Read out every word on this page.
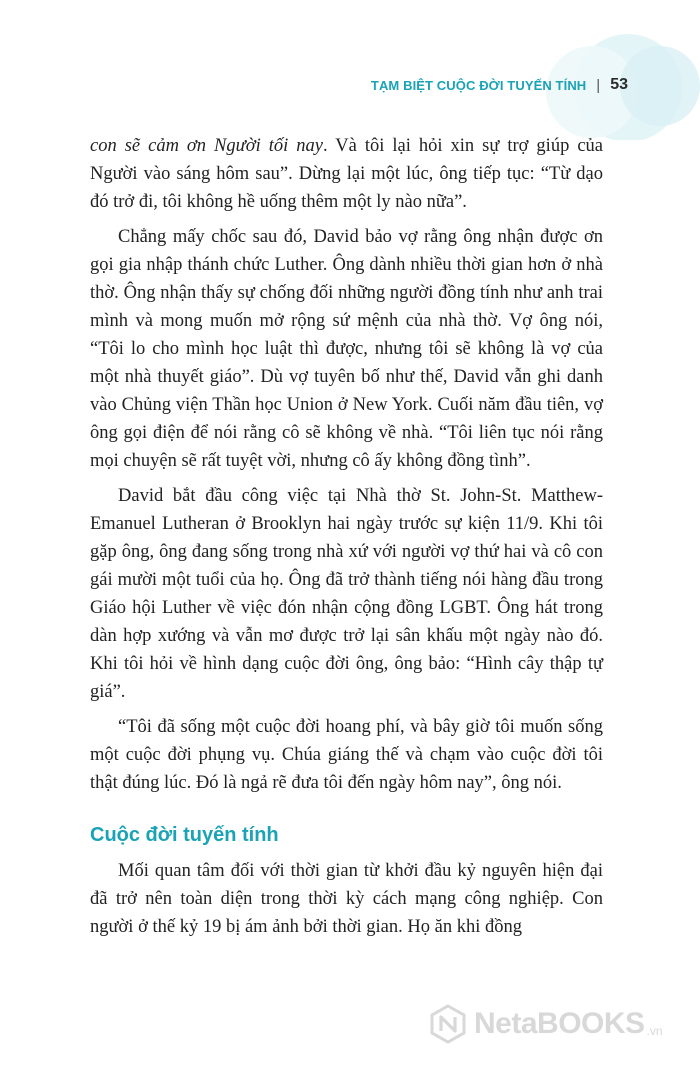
TẠM BIỆT CUỘC ĐỜI TUYẾN TÍNH | 53

con sẽ cảm ơn Người tối nay. Và tôi lại hỏi xin sự trợ giúp của Người vào sáng hôm sau”. Dừng lại một lúc, ông tiếp tục: “Từ dạo đó trở đi, tôi không hề uống thêm một ly nào nữa”.

Chẳng mấy chốc sau đó, David bảo vợ rằng ông nhận được ơn gọi gia nhập thánh chức Luther. Ông dành nhiều thời gian hơn ở nhà thờ. Ông nhận thấy sự chống đối những người đồng tính như anh trai mình và mong muốn mở rộng sứ mệnh của nhà thờ. Vợ ông nói, “Tôi lo cho mình học luật thì được, nhưng tôi sẽ không là vợ của một nhà thuyết giáo”. Dù vợ tuyên bố như thế, David vẫn ghi danh vào Chủng viện Thần học Union ở New York. Cuối năm đầu tiên, vợ ông gọi điện để nói rằng cô sẽ không về nhà. “Tôi liên tục nói rằng mọi chuyện sẽ rất tuyệt vời, nhưng cô ấy không đồng tình”.

David bắt đầu công việc tại Nhà thờ St. John-St. Matthew-Emanuel Lutheran ở Brooklyn hai ngày trước sự kiện 11/9. Khi tôi gặp ông, ông đang sống trong nhà xứ với người vợ thứ hai và cô con gái mười một tuổi của họ. Ông đã trở thành tiếng nói hàng đầu trong Giáo hội Luther về việc đón nhận cộng đồng LGBT. Ông hát trong dàn hợp xướng và vẫn mơ được trở lại sân khấu một ngày nào đó. Khi tôi hỏi về hình dạng cuộc đời ông, ông bảo: “Hình cây thập tự giá”.

“Tôi đã sống một cuộc đời hoang phí, và bây giờ tôi muốn sống một cuộc đời phụng vụ. Chúa giáng thế và chạm vào cuộc đời tôi thật đúng lúc. Đó là ngả rẽ đưa tôi đến ngày hôm nay”, ông nói.

Cuộc đời tuyến tính

Mối quan tâm đối với thời gian từ khởi đầu kỷ nguyên hiện đại đã trở nên toàn diện trong thời kỳ cách mạng công nghiệp. Con người ở thế kỷ 19 bị ám ảnh bởi thời gian. Họ ăn khi đồng

NetaBOOKS .vn
